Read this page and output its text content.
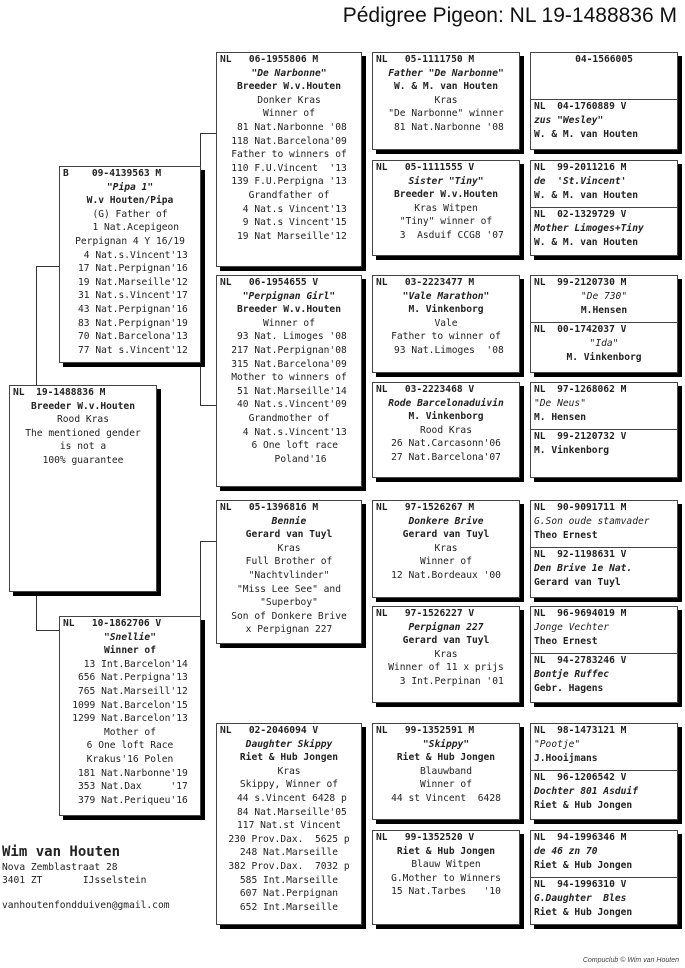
Pédigree Pigeon: NL 19-1488836 M
NL  19-1488836 M
Breeder W.v.Houten
Rood Kras
The mentioned gender
is not a
100% guarantee
B    09-4139563 M
"Pipa 1"
W.v Houten/Pipa
(G) Father of
1 Nat.Acepigeon
Perpignan 4 Y 16/19
4 Nat.s.Vincent'13
17 Nat.Perpignan'16
19 Nat.Marseille'12
31 Nat.s.Vincent'17
43 Nat.Perpignan'16
83 Nat.Perpignan'19
70 Nat.Barcelona'13
77 Nat s.Vincent'12
NL   10-1862706 V
"Snellie"
Winner of
13 Int.Barcelon'14
656 Nat.Perpigna'13
765 Nat.Marseill'12
1099 Nat.Barcelon'15
1299 Nat.Barcelon'13
Mother of
6 One loft Race
Krakus'16 Polen
181 Nat.Narbonne'19
353 Nat.Dax     '17
379 Nat.Periqueu'16
NL   06-1955806 M
"De Narbonne"
Breeder W.v.Houten
Donker Kras
Winner of
81 Nat.Narbonne '08
118 Nat.Barcelona'09
Father to winners of
110 F.U.Vincent  '13
139 F.U.Perpigna '13
Grandfather of
4 Nat.s Vincent'13
9 Nat.s Vincent'15
19 Nat Marseille'12
NL   06-1954655 V
"Perpignan Girl"
Breeder W.v.Houten
Winner of
93 Nat. Limoges '08
217 Nat.Perpignan'08
315 Nat.Barcelona'09
Mother to winners of
51 Nat.Marseille'14
40 Nat.s.Vincent'09
Grandmother of
4 Nat.s.Vincent'13
6 One loft race
Poland'16
NL   05-1396816 M
Bennie
Gerard van Tuyl
Kras
Full Brother of
"Nachtvlinder"
"Miss Lee See" and
"Superboy"
Son of Donkere Brive
x Perpignan 227
NL   02-2046094 V
Daughter Skippy
Riet & Hub Jongen
Kras
Skippy, Winner of
44 s.Vincent 6428 p
84 Nat.Marseille'05
117 Nat.st Vincent
230 Prov.Dax.  5625 p
248 Nat.Marseille
382 Prov.Dax.  7032 p
585 Int.Marseille
607 Nat.Perpignan
652 Int.Marseille
NL   05-1111750 M
Father "De Narbonne"
W. & M. van Houten
Kras
"De Narbonne" winner
81 Nat.Narbonne '08
NL   05-1111555 V
Sister "Tiny"
Breeder W.v.Houten
Kras Witpen
"Tiny" winner of
3  Asduif CCG8 '07
NL   03-2223477 M
"Vale Marathon"
M. Vinkenborg
Vale
Father to winner of
93 Nat.Limoges  '08
NL   03-2223468 V
Rode Barcelonaduivin
M. Vinkenborg
Rood Kras
26 Nat.Carcasonn'06
27 Nat.Barcelona'07
NL   97-1526267 M
Donkere Brive
Gerard van Tuyl
Kras
Winner of
12 Nat.Bordeaux '00
NL   97-1526227 V
Perpignan 227
Gerard van Tuyl
Kras
Winner of 11 x prijs
3 Int.Perpinan '01
NL   99-1352591 M
"Skippy"
Riet & Hub Jongen
Blauwband
Winner of
44 st Vincent  6428
NL   99-1352520 V
Riet & Hub Jongen
Blauw Witpen
G.Mother to Winners
15 Nat.Tarbes   '10
04-1566005
NL  04-1760889 V
zus "Wesley"
W. & M. van Houten
NL  99-2011216 M
de  'St.Vincent'
W. & M. van Houten
NL  02-1329729 V
Mother Limoges+Tiny
W. & M. van Houten
NL  99-2120730 M
"De 730"
M.Hensen
NL  00-1742037 V
"Ida"
M. Vinkenborg
NL  97-1268062 M
"De Neus"
M. Hensen
NL  99-2120732 V
M. Vinkenborg
NL  90-9091711 M
G.Son oude stamvader
Theo Ernest
NL  92-1198631 V
Den Brive 1e Nat.
Gerard van Tuyl
NL  96-9694019 M
Jonge Vechter
Theo Ernest
NL  94-2783246 V
Bontje Ruffec
Gebr. Hagens
NL  98-1473121 M
"Pootje"
J.Hooijmans
NL  96-1206542 V
Dochter 801 Asduif
Riet & Hub Jongen
NL  94-1996346 M
de 46 zn 70
Riet & Hub Jongen
NL  94-1996310 V
G.Daughter  Bles
Riet & Hub Jongen
Wim van Houten
Nova Zemblastraat 28
3401 ZT       IJsselstein
vanhoutenfondduiven@gmail.com
Compuclub © Wim van Houten
